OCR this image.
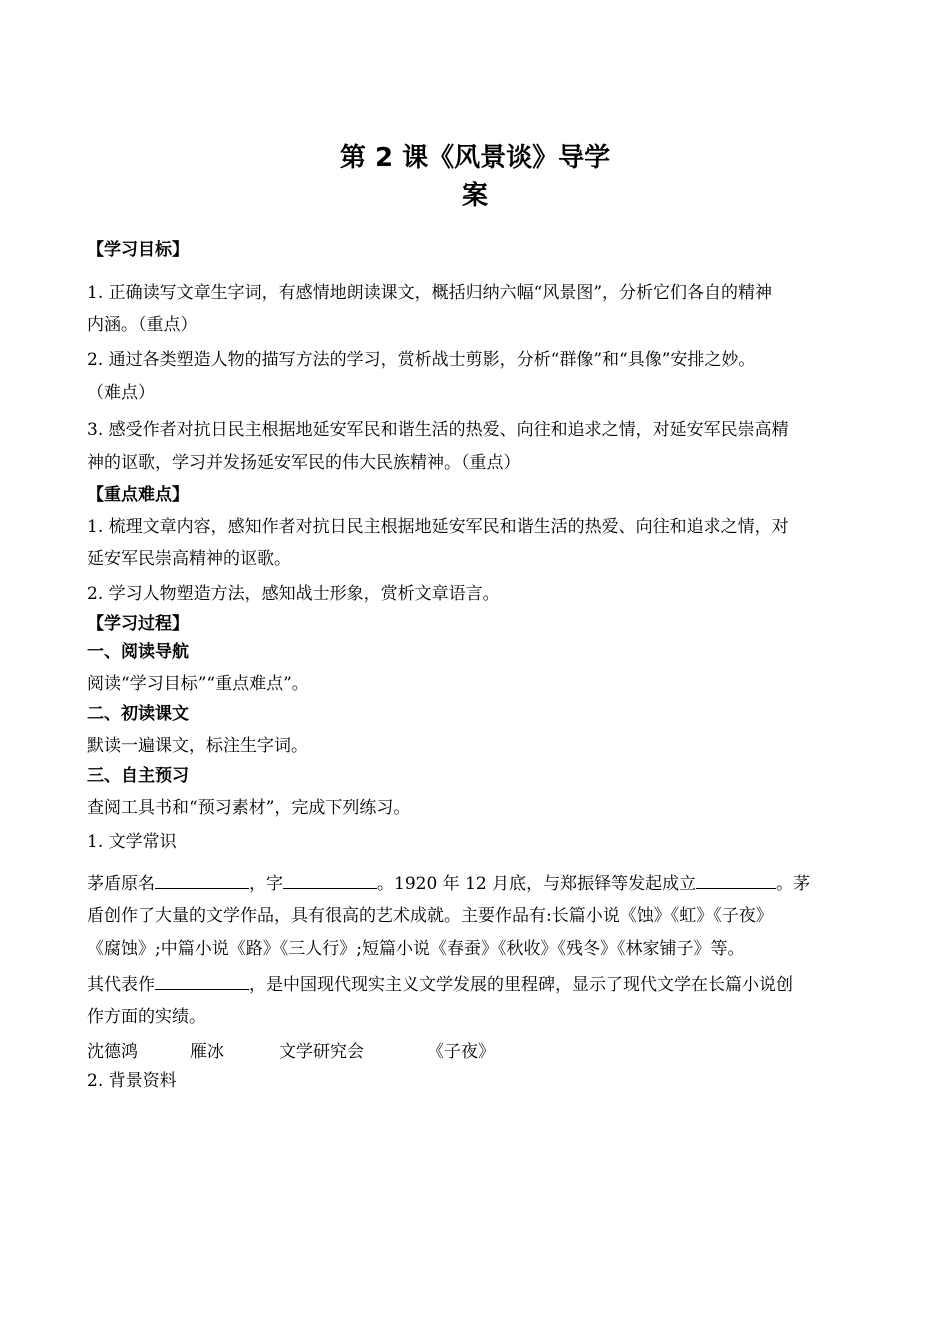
第 2 课《风景谈》导学
案
【学习目标】
1. 正确读写文章生字词，有感情地朗读课文，概括归纳六幅“风景图”，分析它们各自的精神
内涵。（重点）
2. 通过各类塑造人物的描写方法的学习，赏析战士剪影，分析“群像”和“具像”安排之妙。
（难点）
3. 感受作者对抗日民主根据地延安军民和谐生活的热爱、向往和追求之情，对延安军民崇高精
神的讴歌，学习并发扬延安军民的伟大民族精神。（重点）
【重点难点】
1. 梳理文章内容，感知作者对抗日民主根据地延安军民和谐生活的热爱、向往和追求之情，对
延安军民崇高精神的讴歌。
2. 学习人物塑造方法，感知战士形象，赏析文章语言。
【学习过程】
一、阅读导航
阅读“学习目标”“重点难点”。
二、初读课文
默读一遍课文，标注生字词。
三、自主预习
查阅工具书和“预习素材”，完成下列练习。
1. 文学常识
茅盾原名	，字	。1920 年 12 月底，与郑振铎等发起成立	。茅
盾创作了大量的文学作品，具有很高的艺术成就。主要作品有:长篇小说《蚀》《虹》《子夜》
《腐蚀》;中篇小说《路》《三人行》;短篇小说《春蚕》《秋收》《残冬》《林家铺子》等。
其代表作	，是中国现代现实主义文学发展的里程碑，显示了现代文学在长篇小说创
作方面的实绩。
沈德鸿	雁冰	文学研究会	《子夜》
2. 背景资料
